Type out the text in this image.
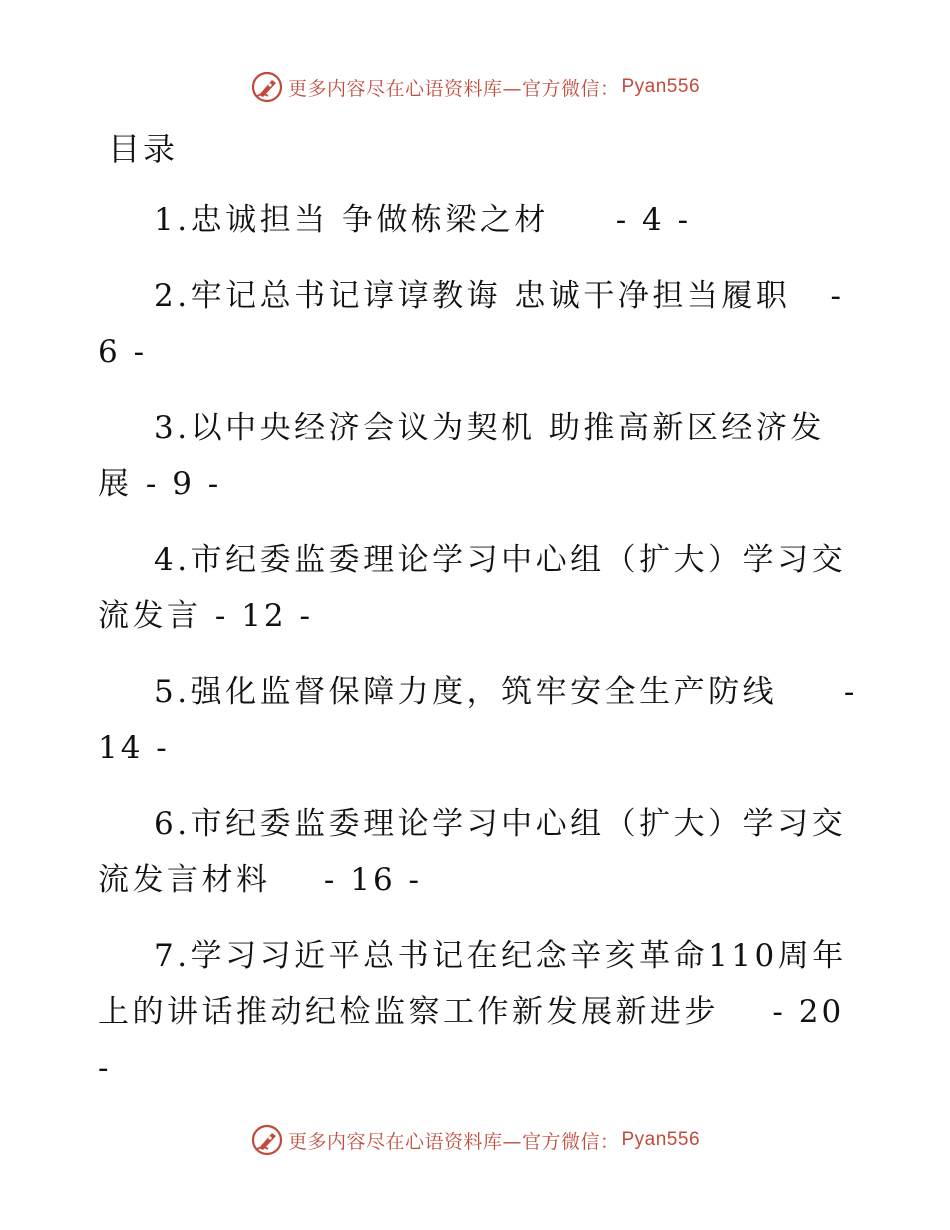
更多内容尽在心语资料库—官方微信： Pyan556
目录
1.忠诚担当 争做栋梁之材 - 4 -
2.牢记总书记谆谆教诲 忠诚干净担当履职 - 6 -
3.以中央经济会议为契机 助推高新区经济发展 - 9 -
4.市纪委监委理论学习中心组（扩大）学习交流发言 - 12 -
5.强化监督保障力度，筑牢安全生产防线 - 14 -
6.市纪委监委理论学习中心组（扩大）学习交流发言材料 - 16 -
7.学习习近平总书记在纪念辛亥革命110周年上的讲话推动纪检监察工作新发展新进步 - 20 -
更多内容尽在心语资料库—官方微信： Pyan556
